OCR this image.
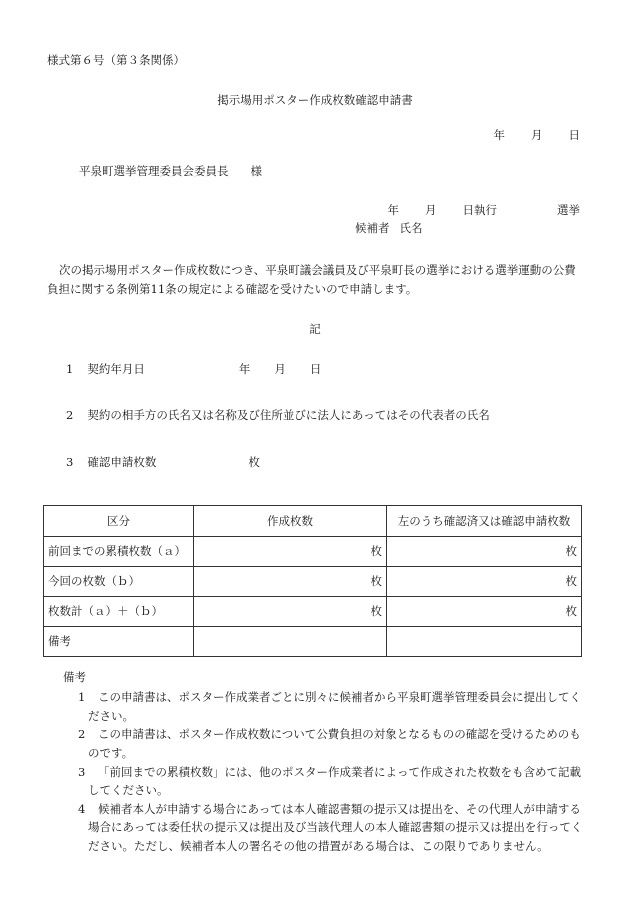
様式第６号（第３条関係）
掲示場用ポスター作成枚数確認申請書
年 月 日
平泉町選挙管理委員会委員長 様
年 月 日執行	選挙
候補者 氏名
次の掲示場用ポスター作成枚数につき、平泉町議会議員及び平泉町長の選挙における選挙運動の公費負担に関する条例第11条の規定による確認を受けたいので申請します。
記
1 契約年月日	年 月 日
2 契約の相手方の氏名又は名称及び住所並びに法人にあってはその代表者の氏名
3 確認申請枚数	枚
区分	作成枚数	左のうち確認済又は確認申請枚数
前回までの累積枚数（ａ）	枚	枚
今回の枚数（ｂ）	枚	枚
枚数計（ａ）＋（ｂ）	枚	枚
備考		
備考

1 この申請書は、ポスター作成業者ごとに別々に候補者から平泉町選挙管理委員会に提出してください。

2 この申請書は、ポスター作成枚数について公費負担の対象となるものの確認を受けるためのものです。

3 「前回までの累積枚数」には、他のポスター作成業者によって作成された枚数をも含めて記載してください。

4 候補者本人が申請する場合にあっては本人確認書類の提示又は提出を、その代理人が申請する場合にあっては委任状の提示又は提出及び当該代理人の本人確認書類の提示又は提出を行ってください。ただし、候補者本人の署名その他の措置がある場合は、この限りでありません。
